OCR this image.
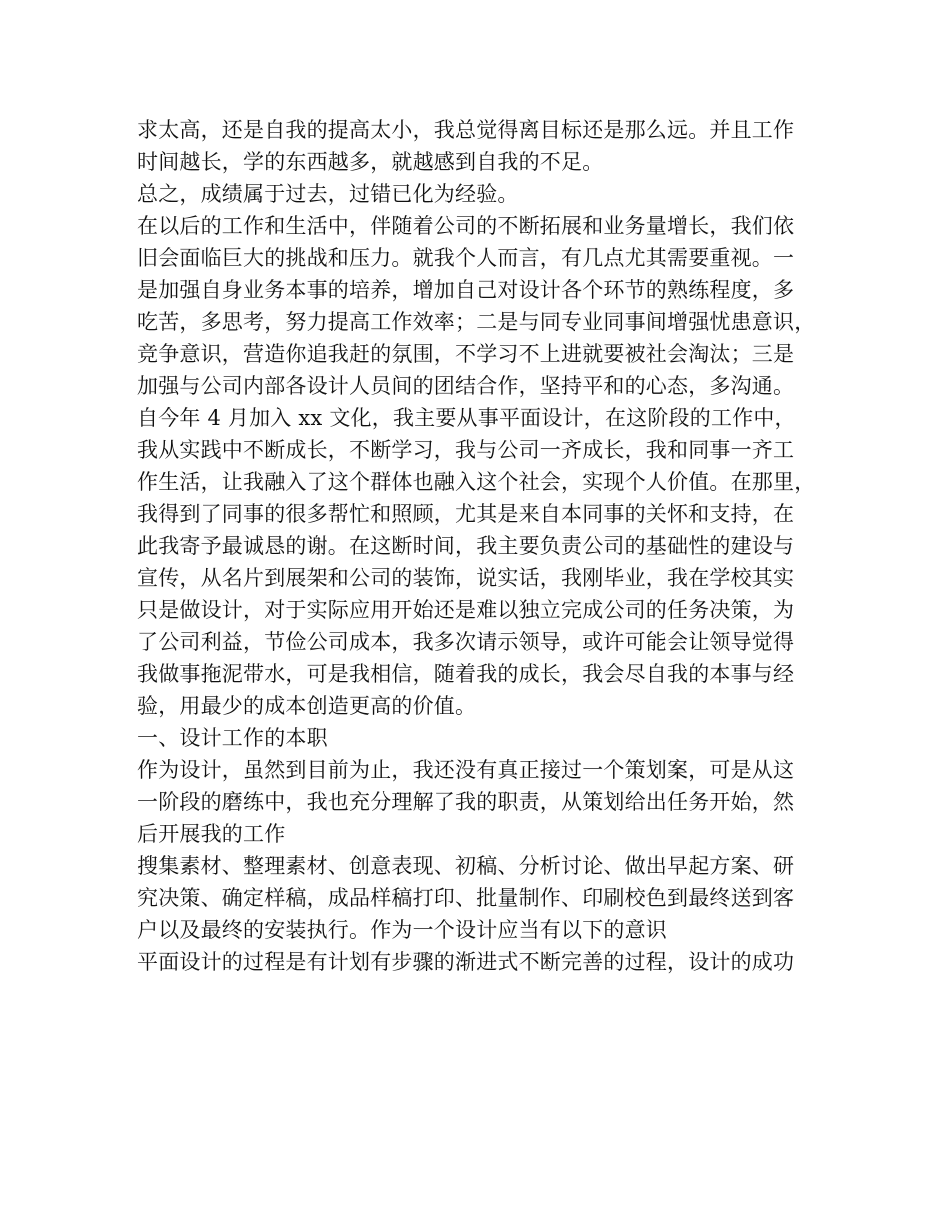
求太高，还是自我的提高太小，我总觉得离目标还是那么远。并且工作
时间越长，学的东西越多，就越感到自我的不足。
总之，成绩属于过去，过错已化为经验。
在以后的工作和生活中，伴随着公司的不断拓展和业务量增长，我们依
旧会面临巨大的挑战和压力。就我个人而言，有几点尤其需要重视。一
是加强自身业务本事的培养，增加自己对设计各个环节的熟练程度，多
吃苦，多思考，努力提高工作效率；二是与同专业同事间增强忧患意识，
竞争意识，营造你追我赶的氛围，不学习不上进就要被社会淘汰；三是
加强与公司内部各设计人员间的团结合作，坚持平和的心态，多沟通。
自今年 4 月加入 xx 文化，我主要从事平面设计，在这阶段的工作中，
我从实践中不断成长，不断学习，我与公司一齐成长，我和同事一齐工
作生活，让我融入了这个群体也融入这个社会，实现个人价值。在那里，
我得到了同事的很多帮忙和照顾，尤其是来自本同事的关怀和支持，在
此我寄予最诚恳的谢。在这断时间，我主要负责公司的基础性的建设与
宣传，从名片到展架和公司的装饰，说实话，我刚毕业，我在学校其实
只是做设计，对于实际应用开始还是难以独立完成公司的任务决策，为
了公司利益，节俭公司成本，我多次请示领导，或许可能会让领导觉得
我做事拖泥带水，可是我相信，随着我的成长，我会尽自我的本事与经
验，用最少的成本创造更高的价值。
一、设计工作的本职
作为设计，虽然到目前为止，我还没有真正接过一个策划案，可是从这
一阶段的磨练中，我也充分理解了我的职责，从策划给出任务开始，然
后开展我的工作
搜集素材、整理素材、创意表现、初稿、分析讨论、做出早起方案、研
究决策、确定样稿，成品样稿打印、批量制作、印刷校色到最终送到客
户以及最终的安装执行。作为一个设计应当有以下的意识
平面设计的过程是有计划有步骤的渐进式不断完善的过程，设计的成功
